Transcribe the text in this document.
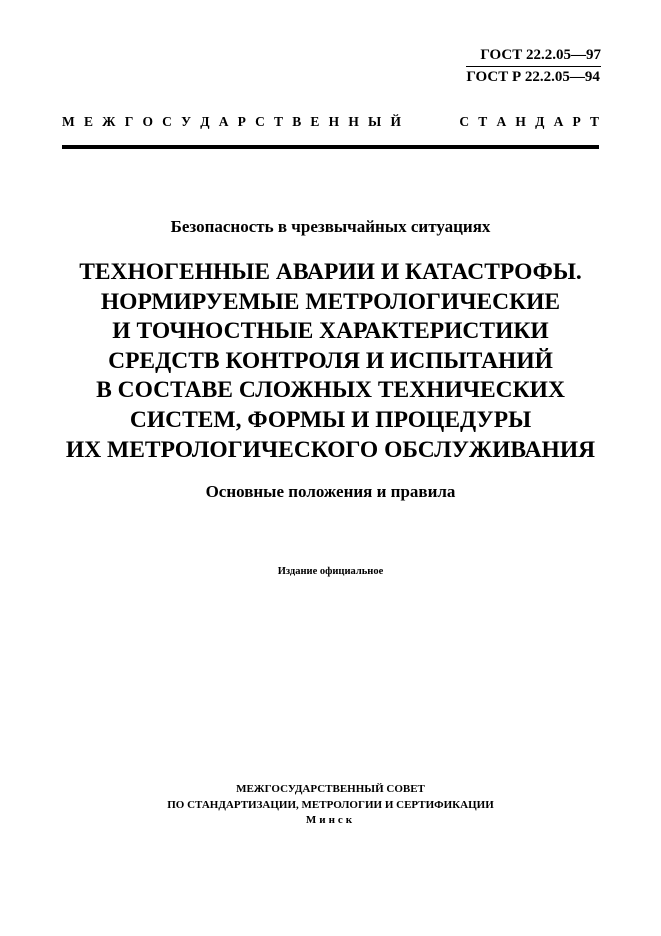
ГОСТ 22.2.05—97
ГОСТ Р 22.2.05—94
М Е Ж Г О С У Д А Р С Т В Е Н Н Ы Й	С Т А Н Д А Р Т
Безопасность в чрезвычайных ситуациях
ТЕХНОГЕННЫЕ АВАРИИ И КАТАСТРОФЫ.
НОРМИРУЕМЫЕ МЕТРОЛОГИЧЕСКИЕ
И ТОЧНОСТНЫЕ ХАРАКТЕРИСТИКИ
СРЕДСТВ КОНТРОЛЯ И ИСПЫТАНИЙ
В СОСТАВЕ СЛОЖНЫХ ТЕХНИЧЕСКИХ
СИСТЕМ, ФОРМЫ И ПРОЦЕДУРЫ
ИХ МЕТРОЛОГИЧЕСКОГО ОБСЛУЖИВАНИЯ
Основные положения и правила
Издание официальное
МЕЖГОСУДАРСТВЕННЫЙ СОВЕТ
ПО СТАНДАРТИЗАЦИИ, МЕТРОЛОГИИ И СЕРТИФИКАЦИИ
Минск
